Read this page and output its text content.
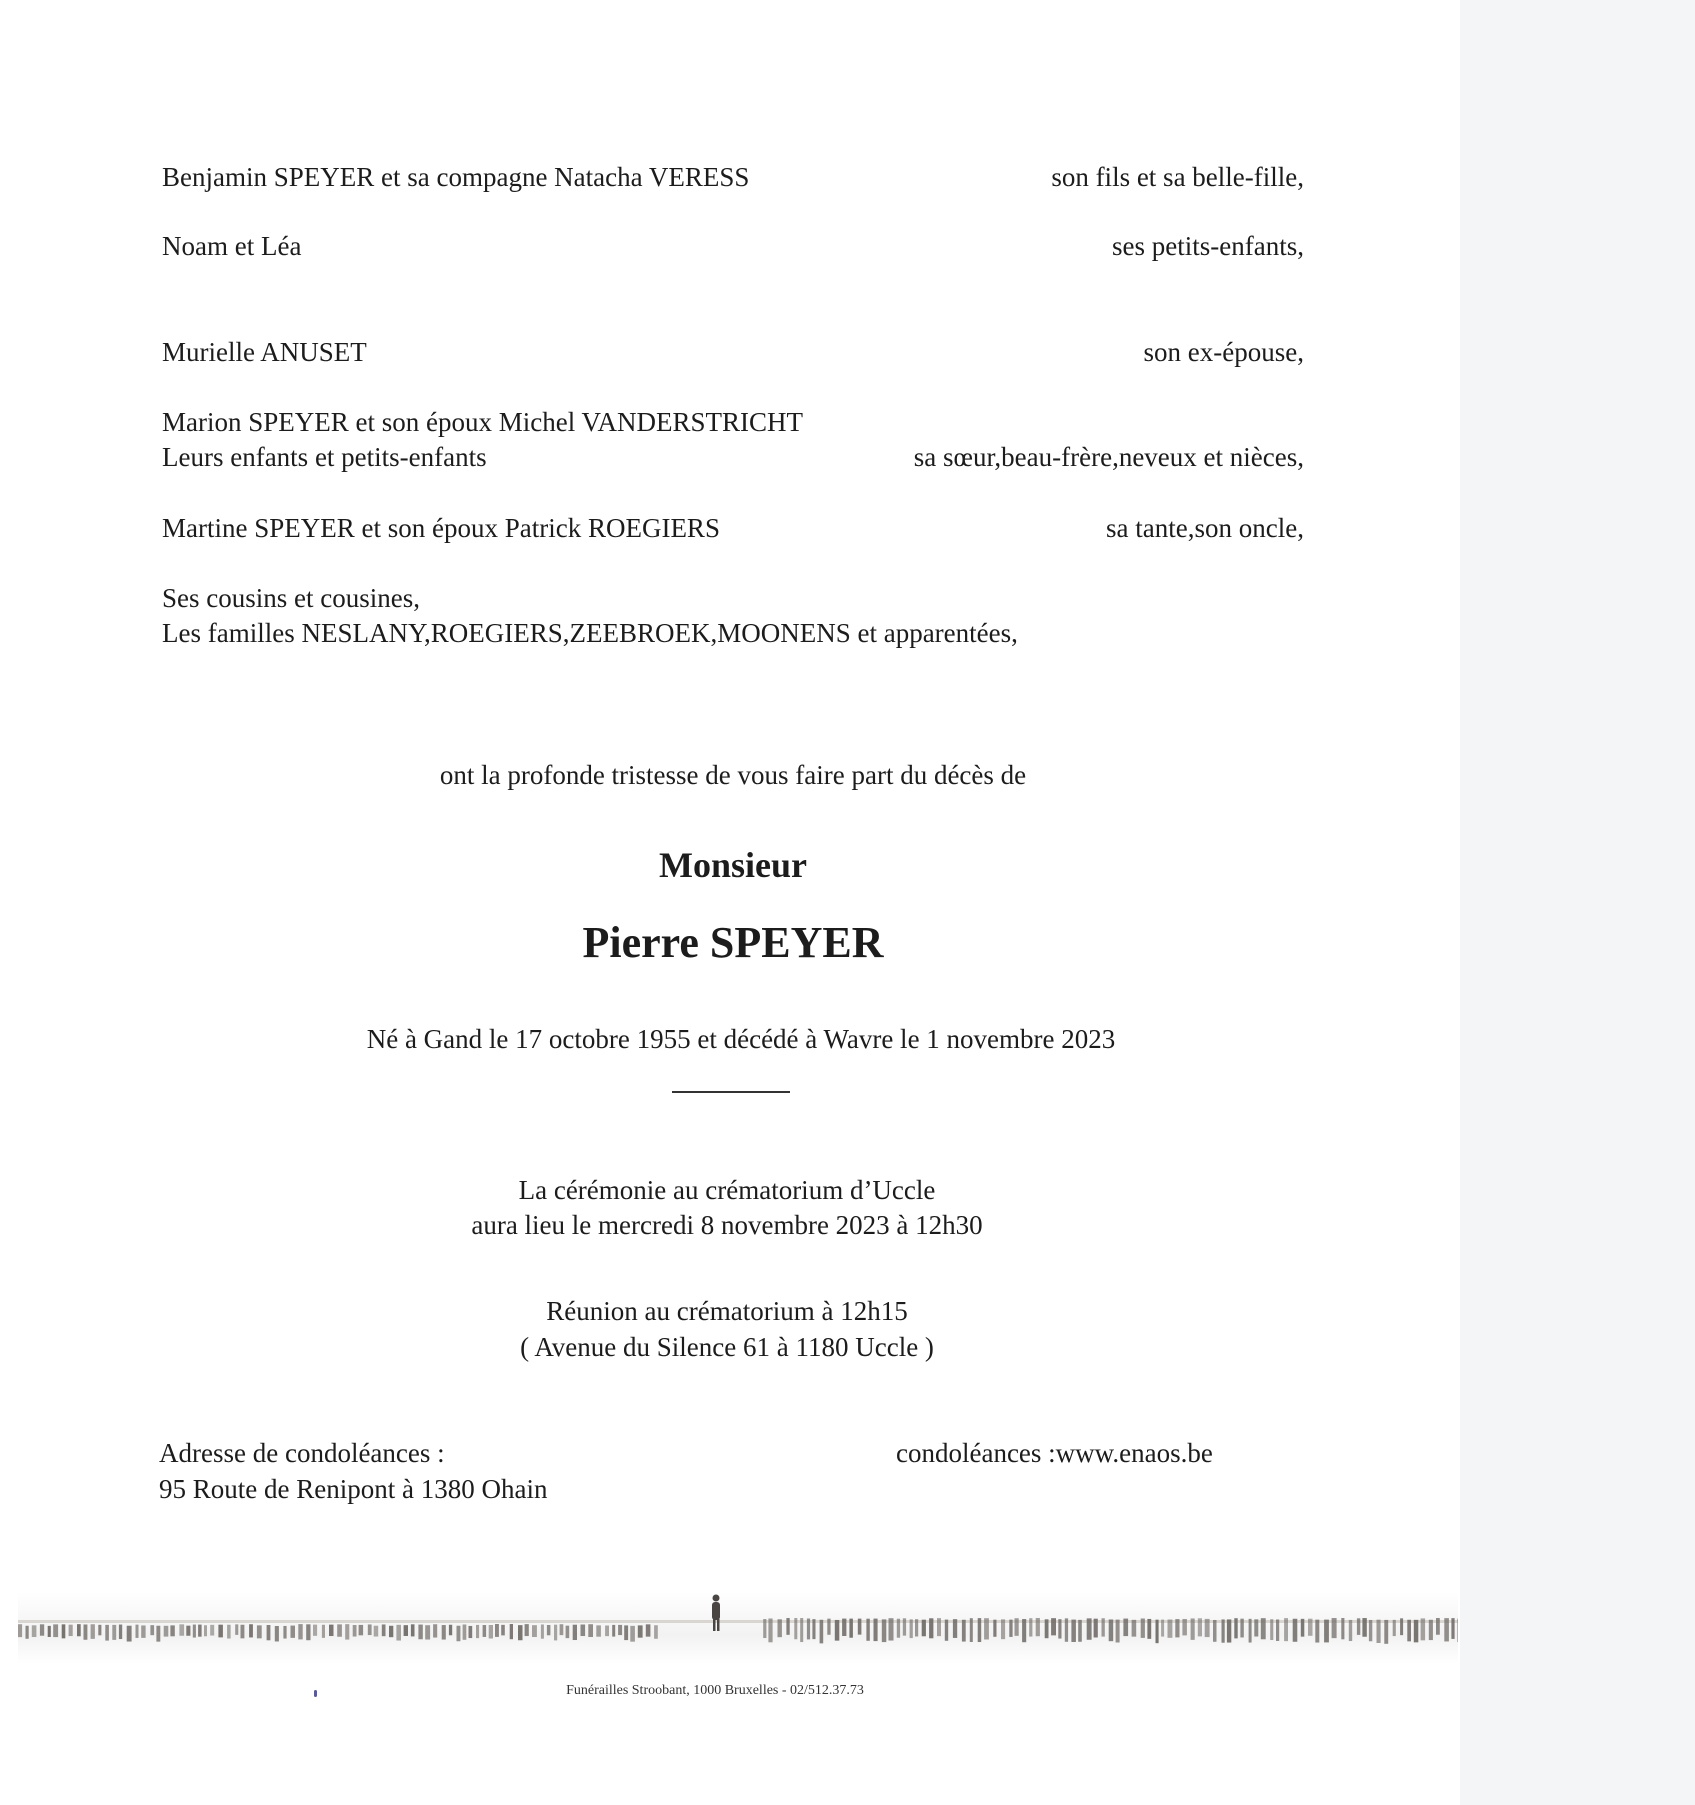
Benjamin SPEYER et sa compagne Natacha VERESS	son fils et sa belle-fille,
Noam et Léa	ses petits-enfants,
Murielle ANUSET	son ex-épouse,
Marion SPEYER et son époux Michel VANDERSTRICHT
Leurs enfants et petits-enfants	sa sœur,beau-frère,neveux et nièces,
Martine SPEYER et son époux Patrick ROEGIERS	sa tante,son oncle,
Ses cousins et cousines,
Les familles NESLANY,ROEGIERS,ZEEBROEK,MOONENS et apparentées,
ont la profonde tristesse de vous faire part du décès de
Monsieur
Pierre SPEYER
Né à Gand le 17 octobre 1955 et décédé à Wavre le 1 novembre 2023
La cérémonie au crématorium d’Uccle
aura lieu le mercredi 8 novembre 2023 à 12h30
Réunion au crématorium à 12h15
( Avenue du Silence 61 à 1180 Uccle )
Adresse de condoléances :
95 Route de Renipont à 1380 Ohain
condoléances :www.enaos.be
Funérailles Stroobant, 1000 Bruxelles - 02/512.37.73
